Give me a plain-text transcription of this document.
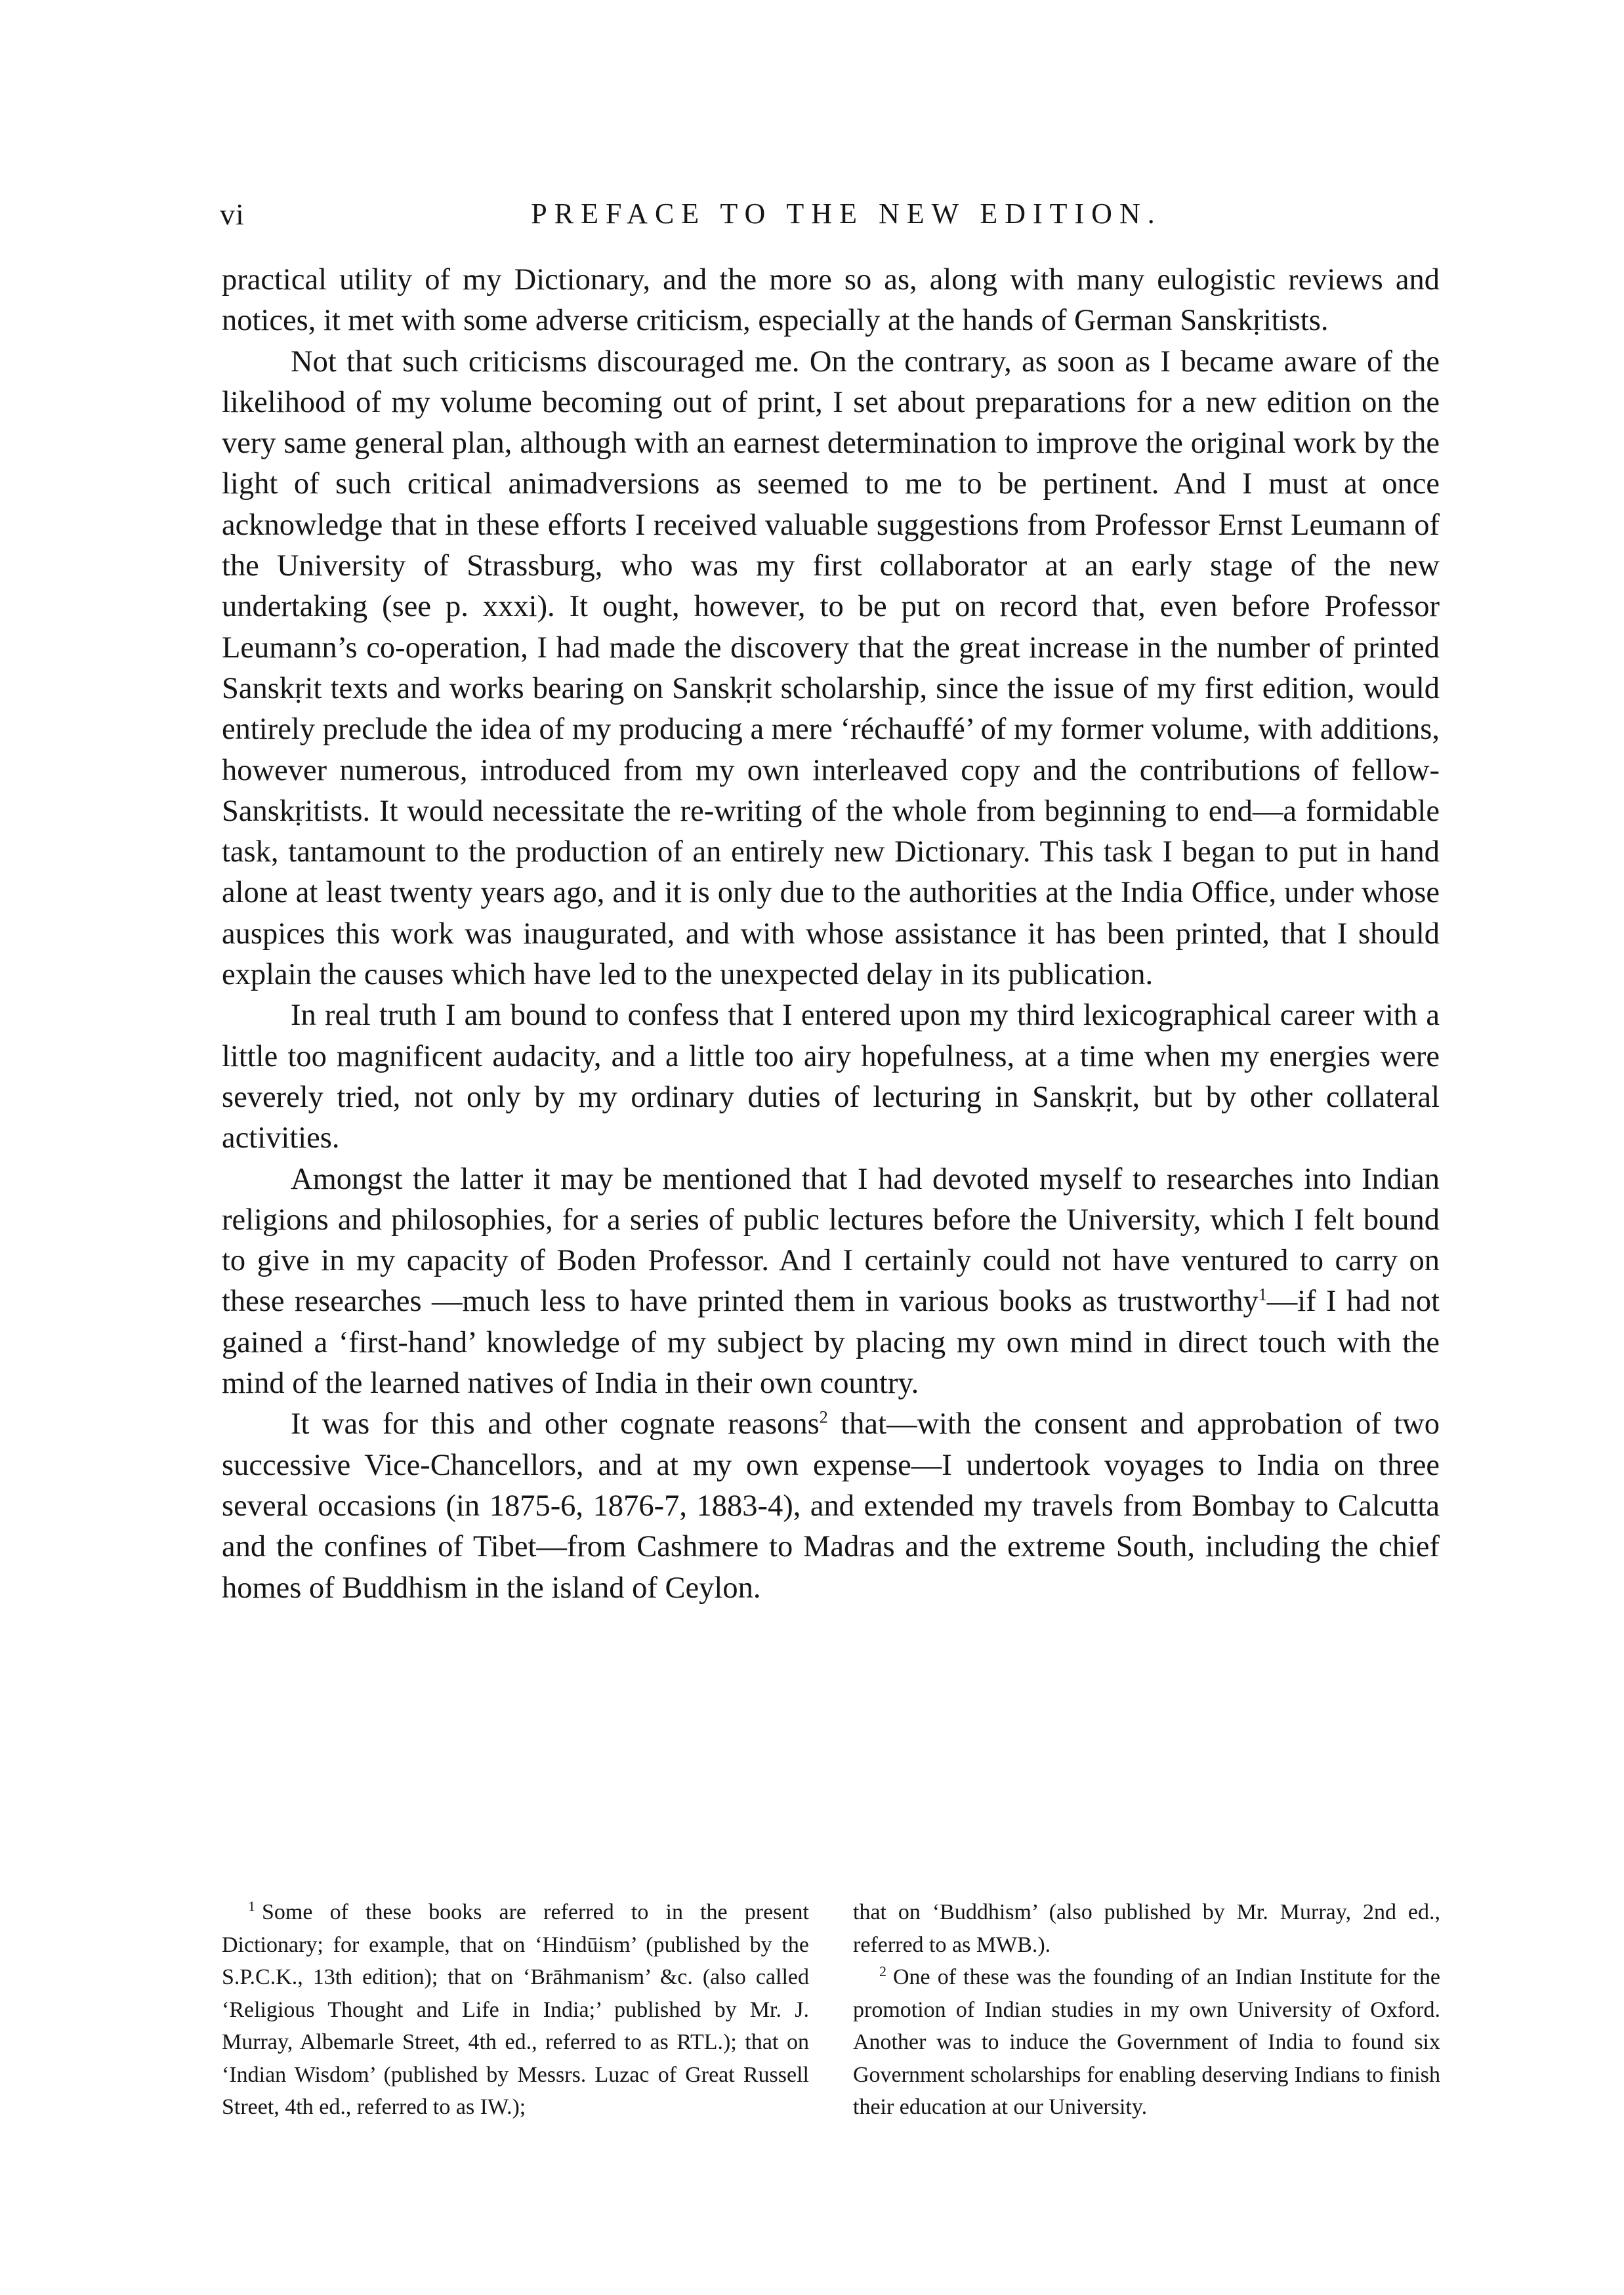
vi	PREFACE TO THE NEW EDITION.

practical utility of my Dictionary, and the more so as, along with many eulogistic reviews and notices, it met with some adverse criticism, especially at the hands of German Sanskṛitists.

Not that such criticisms discouraged me. On the contrary, as soon as I became aware of the likelihood of my volume becoming out of print, I set about preparations for a new edition on the very same general plan, although with an earnest determination to improve the original work by the light of such critical animadversions as seemed to me to be pertinent. And I must at once acknowledge that in these efforts I received valuable suggestions from Professor Ernst Leumann of the University of Strassburg, who was my first collaborator at an early stage of the new undertaking (see p. xxxi). It ought, however, to be put on record that, even before Professor Leumann’s co-operation, I had made the discovery that the great increase in the number of printed Sanskṛit texts and works bearing on Sanskṛit scholarship, since the issue of my first edition, would entirely preclude the idea of my producing a mere ‘réchauffé’ of my former volume, with additions, however numerous, introduced from my own interleaved copy and the contributions of fellow-Sanskṛitists. It would necessitate the re-writing of the whole from beginning to end—a formidable task, tantamount to the production of an entirely new Dictionary. This task I began to put in hand alone at least twenty years ago, and it is only due to the authorities at the India Office, under whose auspices this work was inaugurated, and with whose assistance it has been printed, that I should explain the causes which have led to the unexpected delay in its publication.

In real truth I am bound to confess that I entered upon my third lexicographical career with a little too magnificent audacity, and a little too airy hopefulness, at a time when my energies were severely tried, not only by my ordinary duties of lecturing in Sanskṛit, but by other collateral activities.

Amongst the latter it may be mentioned that I had devoted myself to researches into Indian religions and philosophies, for a series of public lectures before the University, which I felt bound to give in my capacity of Boden Professor. And I certainly could not have ventured to carry on these researches —much less to have printed them in various books as trustworthy$^1$—if I had not gained a ‘first-hand’ knowledge of my subject by placing my own mind in direct touch with the mind of the learned natives of India in their own country.

It was for this and other cognate reasons$^2$ that—with the consent and approbation of two successive Vice-Chancellors, and at my own expense—I undertook voyages to India on three several occasions (in 1875-6, 1876-7, 1883-4), and extended my travels from Bombay to Calcutta and the confines of Tibet—from Cashmere to Madras and the extreme South, including the chief homes of Buddhism in the island of Ceylon.

$^1$ Some of these books are referred to in the present Dictionary; for example, that on ‘Hindūism’ (published by the S.P.C.K., 13th edition); that on ‘Brāhmanism’ &c. (also called ‘Religious Thought and Life in India;’ published by Mr. J. Murray, Albemarle Street, 4th ed., referred to as RTL.); that on ‘Indian Wisdom’ (published by Messrs. Luzac of Great Russell Street, 4th ed., referred to as IW.);

that on ‘Buddhism’ (also published by Mr. Murray, 2nd ed., referred to as MWB.).

$^2$ One of these was the founding of an Indian Institute for the promotion of Indian studies in my own University of Oxford. Another was to induce the Government of India to found six Government scholarships for enabling deserving Indians to finish their education at our University.
